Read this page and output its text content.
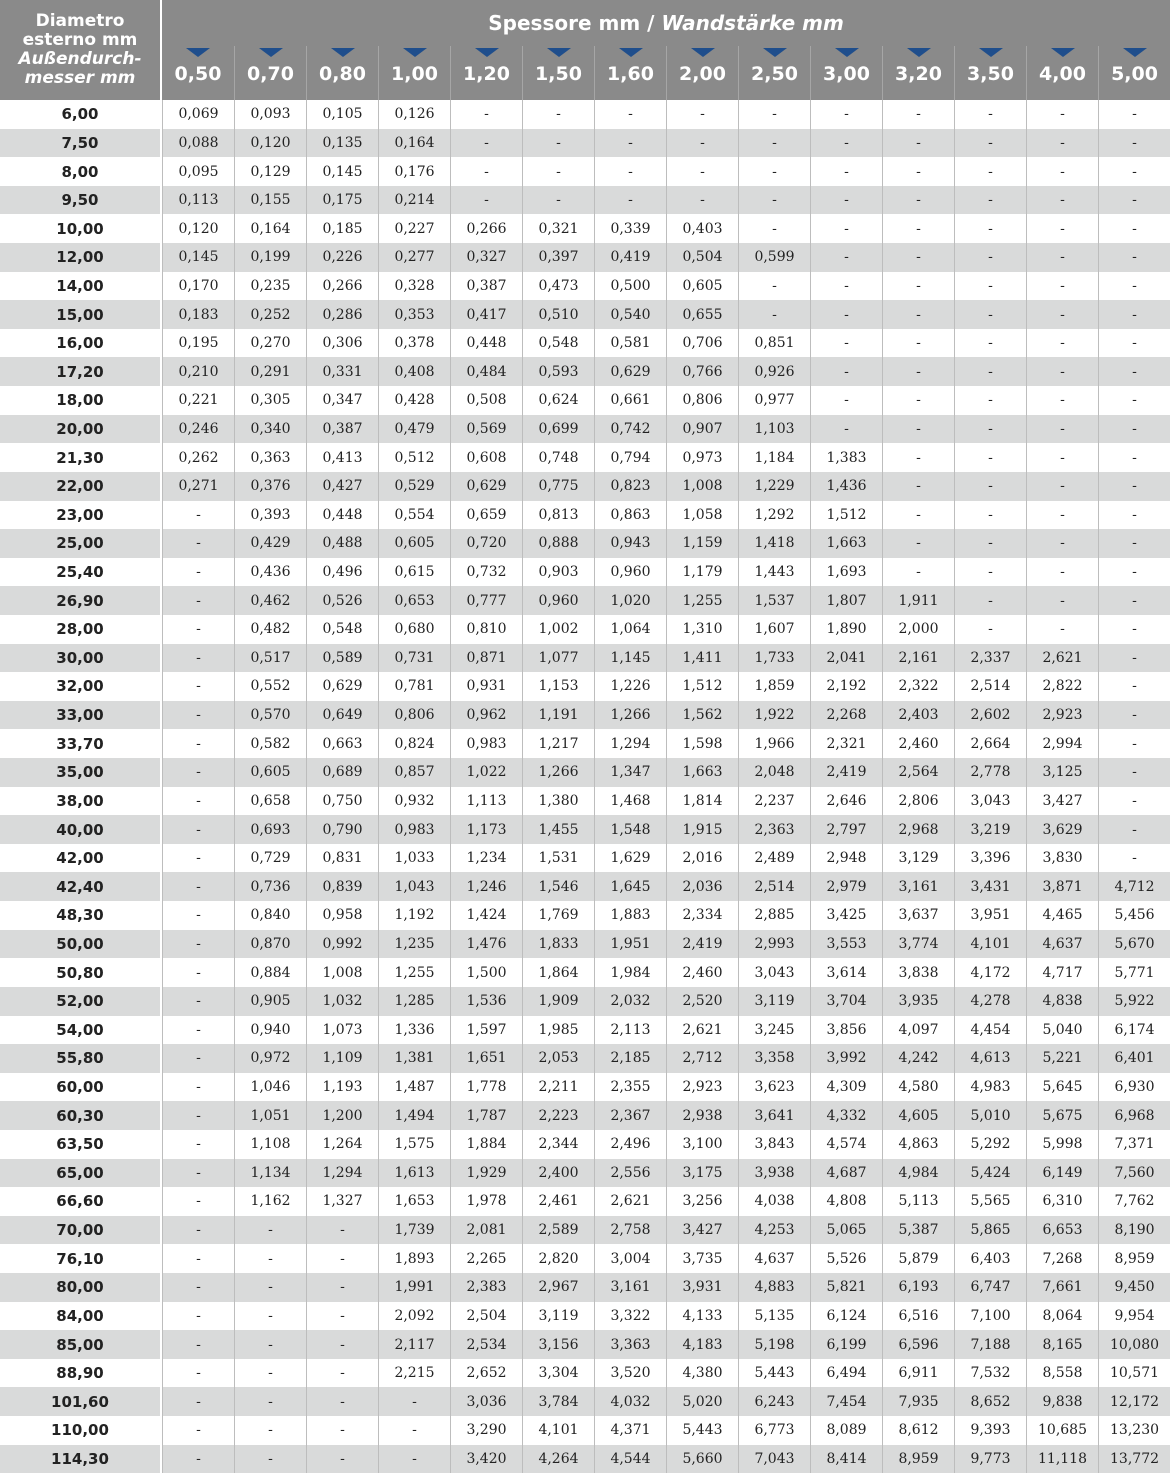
Diametro
esterno mm
Außendurch-
messer mm	Spessore mm / Wandstärke mm													

0,50	0,70	0,80	1,00	1,20	1,50	1,60	2,00	2,50	3,00	3,20	3,50	4,00	5,00
6,00	0,069	0,093	0,105	0,126	-	-	-	-	-	-	-	-	-	-
7,50	0,088	0,120	0,135	0,164	-	-	-	-	-	-	-	-	-	-
8,00	0,095	0,129	0,145	0,176	-	-	-	-	-	-	-	-	-	-
9,50	0,113	0,155	0,175	0,214	-	-	-	-	-	-	-	-	-	-
10,00	0,120	0,164	0,185	0,227	0,266	0,321	0,339	0,403	-	-	-	-	-	-
12,00	0,145	0,199	0,226	0,277	0,327	0,397	0,419	0,504	0,599	-	-	-	-	-
14,00	0,170	0,235	0,266	0,328	0,387	0,473	0,500	0,605	-	-	-	-	-	-
15,00	0,183	0,252	0,286	0,353	0,417	0,510	0,540	0,655	-	-	-	-	-	-
16,00	0,195	0,270	0,306	0,378	0,448	0,548	0,581	0,706	0,851	-	-	-	-	-
17,20	0,210	0,291	0,331	0,408	0,484	0,593	0,629	0,766	0,926	-	-	-	-	-
18,00	0,221	0,305	0,347	0,428	0,508	0,624	0,661	0,806	0,977	-	-	-	-	-
20,00	0,246	0,340	0,387	0,479	0,569	0,699	0,742	0,907	1,103	-	-	-	-	-
21,30	0,262	0,363	0,413	0,512	0,608	0,748	0,794	0,973	1,184	1,383	-	-	-	-
22,00	0,271	0,376	0,427	0,529	0,629	0,775	0,823	1,008	1,229	1,436	-	-	-	-
23,00	-	0,393	0,448	0,554	0,659	0,813	0,863	1,058	1,292	1,512	-	-	-	-
25,00	-	0,429	0,488	0,605	0,720	0,888	0,943	1,159	1,418	1,663	-	-	-	-
25,40	-	0,436	0,496	0,615	0,732	0,903	0,960	1,179	1,443	1,693	-	-	-	-
26,90	-	0,462	0,526	0,653	0,777	0,960	1,020	1,255	1,537	1,807	1,911	-	-	-
28,00	-	0,482	0,548	0,680	0,810	1,002	1,064	1,310	1,607	1,890	2,000	-	-	-
30,00	-	0,517	0,589	0,731	0,871	1,077	1,145	1,411	1,733	2,041	2,161	2,337	2,621	-
32,00	-	0,552	0,629	0,781	0,931	1,153	1,226	1,512	1,859	2,192	2,322	2,514	2,822	-
33,00	-	0,570	0,649	0,806	0,962	1,191	1,266	1,562	1,922	2,268	2,403	2,602	2,923	-
33,70	-	0,582	0,663	0,824	0,983	1,217	1,294	1,598	1,966	2,321	2,460	2,664	2,994	-
35,00	-	0,605	0,689	0,857	1,022	1,266	1,347	1,663	2,048	2,419	2,564	2,778	3,125	-
38,00	-	0,658	0,750	0,932	1,113	1,380	1,468	1,814	2,237	2,646	2,806	3,043	3,427	-
40,00	-	0,693	0,790	0,983	1,173	1,455	1,548	1,915	2,363	2,797	2,968	3,219	3,629	-
42,00	-	0,729	0,831	1,033	1,234	1,531	1,629	2,016	2,489	2,948	3,129	3,396	3,830	-
42,40	-	0,736	0,839	1,043	1,246	1,546	1,645	2,036	2,514	2,979	3,161	3,431	3,871	4,712
48,30	-	0,840	0,958	1,192	1,424	1,769	1,883	2,334	2,885	3,425	3,637	3,951	4,465	5,456
50,00	-	0,870	0,992	1,235	1,476	1,833	1,951	2,419	2,993	3,553	3,774	4,101	4,637	5,670
50,80	-	0,884	1,008	1,255	1,500	1,864	1,984	2,460	3,043	3,614	3,838	4,172	4,717	5,771
52,00	-	0,905	1,032	1,285	1,536	1,909	2,032	2,520	3,119	3,704	3,935	4,278	4,838	5,922
54,00	-	0,940	1,073	1,336	1,597	1,985	2,113	2,621	3,245	3,856	4,097	4,454	5,040	6,174
55,80	-	0,972	1,109	1,381	1,651	2,053	2,185	2,712	3,358	3,992	4,242	4,613	5,221	6,401
60,00	-	1,046	1,193	1,487	1,778	2,211	2,355	2,923	3,623	4,309	4,580	4,983	5,645	6,930
60,30	-	1,051	1,200	1,494	1,787	2,223	2,367	2,938	3,641	4,332	4,605	5,010	5,675	6,968
63,50	-	1,108	1,264	1,575	1,884	2,344	2,496	3,100	3,843	4,574	4,863	5,292	5,998	7,371
65,00	-	1,134	1,294	1,613	1,929	2,400	2,556	3,175	3,938	4,687	4,984	5,424	6,149	7,560
66,60	-	1,162	1,327	1,653	1,978	2,461	2,621	3,256	4,038	4,808	5,113	5,565	6,310	7,762
70,00	-	-	-	1,739	2,081	2,589	2,758	3,427	4,253	5,065	5,387	5,865	6,653	8,190
76,10	-	-	-	1,893	2,265	2,820	3,004	3,735	4,637	5,526	5,879	6,403	7,268	8,959
80,00	-	-	-	1,991	2,383	2,967	3,161	3,931	4,883	5,821	6,193	6,747	7,661	9,450
84,00	-	-	-	2,092	2,504	3,119	3,322	4,133	5,135	6,124	6,516	7,100	8,064	9,954
85,00	-	-	-	2,117	2,534	3,156	3,363	4,183	5,198	6,199	6,596	7,188	8,165	10,080
88,90	-	-	-	2,215	2,652	3,304	3,520	4,380	5,443	6,494	6,911	7,532	8,558	10,571
101,60	-	-	-	-	3,036	3,784	4,032	5,020	6,243	7,454	7,935	8,652	9,838	12,172
110,00	-	-	-	-	3,290	4,101	4,371	5,443	6,773	8,089	8,612	9,393	10,685	13,230
114,30	-	-	-	-	3,420	4,264	4,544	5,660	7,043	8,414	8,959	9,773	11,118	13,772
